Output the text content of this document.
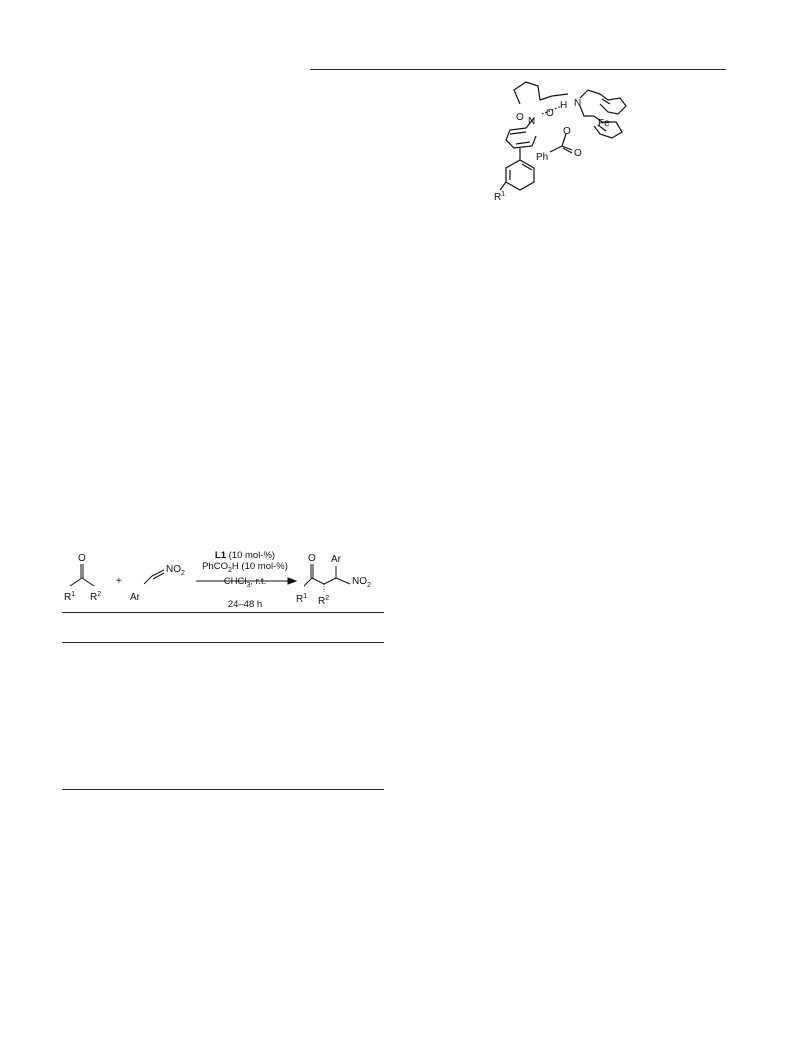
O N
O
H N
Fe
O
O
Ph
$R^1$
O
$R^1$ $R^2$
+
Ar
$NO_2$
O Ar
$NO_2$
$R^1$ $R^2$
L1 (10 mol-%)
PhCO$_2$H (10 mol-%)
CHCl$_3$, r.t.
24–48 h
